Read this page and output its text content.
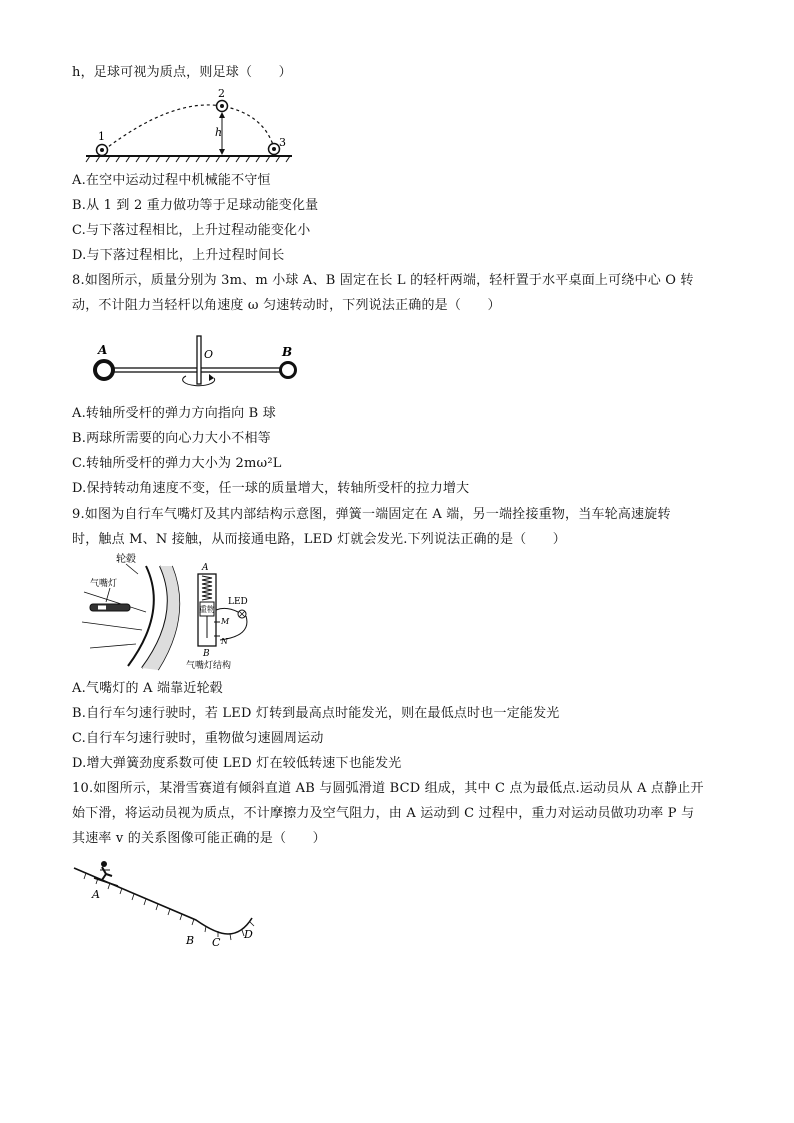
h，足球可视为质点，则足球（　　）
1
2
3
h
A.在空中运动过程中机械能不守恒
B.从 1 到 2 重力做功等于足球动能变化量
C.与下落过程相比，上升过程动能变化小
D.与下落过程相比，上升过程时间长
8.如图所示，质量分别为 3m、m 小球 A、B 固定在长 L 的轻杆两端，轻杆置于水平桌面上可绕中心 O 转
动，不计阻力当轻杆以角速度 ω 匀速转动时，下列说法正确的是（　　）
A	O	B
A.转轴所受杆的弹力方向指向 B 球
B.两球所需要的向心力大小不相等
C.转轴所受杆的弹力大小为 2mω²L
D.保持转动角速度不变，任一球的质量增大，转轴所受杆的拉力增大
9.如图为自行车气嘴灯及其内部结构示意图，弹簧一端固定在 A 端，另一端拴接重物，当车轮高速旋转
时，触点 M、N 接触，从而接通电路，LED 灯就会发光.下列说法正确的是（　　）
轮毂
气嘴灯
A
重物
M
N
B
LED
气嘴灯结构
A.气嘴灯的 A 端靠近轮毂
B.自行车匀速行驶时，若 LED 灯转到最高点时能发光，则在最低点时也一定能发光
C.自行车匀速行驶时，重物做匀速圆周运动
D.增大弹簧劲度系数可使 LED 灯在较低转速下也能发光
10.如图所示，某滑雪赛道有倾斜直道 AB 与圆弧滑道 BCD 组成，其中 C 点为最低点.运动员从 A 点静止开
始下滑，将运动员视为质点，不计摩擦力及空气阻力，由 A 运动到 C 过程中，重力对运动员做功功率 P 与
其速率 v 的关系图像可能正确的是（　　）
A
B C
D
